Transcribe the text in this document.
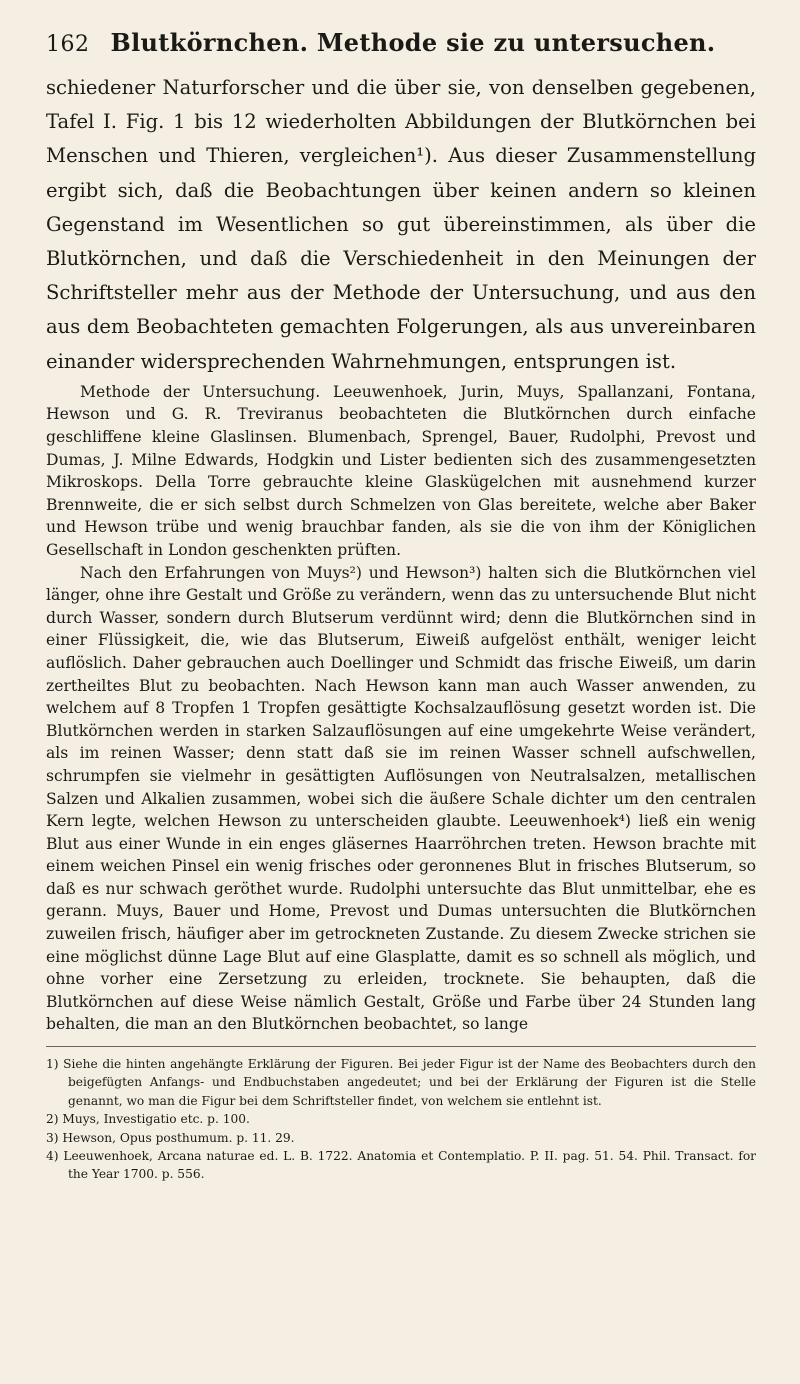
162 Blutkörnchen. Methode sie zu untersuchen.

schiedener Naturforscher und die über sie, von denselben gegebenen, Tafel I. Fig. 1 bis 12 wiederholten Abbildungen der Blutkörnchen bei Menschen und Thieren, vergleichen¹). Aus dieser Zusammenstellung ergibt sich, daß die Beobachtungen über keinen andern so kleinen Gegenstand im Wesentlichen so gut übereinstimmen, als über die Blutkörnchen, und daß die Verschiedenheit in den Meinungen der Schriftsteller mehr aus der Methode der Untersuchung, und aus den aus dem Beobachteten gemachten Folgerungen, als aus unvereinbaren einander widersprechenden Wahrnehmungen, entsprungen ist.

Methode der Untersuchung. Leeuwenhoek, Jurin, Muys, Spallanzani, Fontana, Hewson und G. R. Treviranus beobachteten die Blutkörnchen durch einfache geschliffene kleine Glaslinsen. Blumenbach, Sprengel, Bauer, Rudolphi, Prevost und Dumas, J. Milne Edwards, Hodgkin und Lister bedienten sich des zusammengesetzten Mikroskops. Della Torre gebrauchte kleine Glaskügelchen mit ausnehmend kurzer Brennweite, die er sich selbst durch Schmelzen von Glas bereitete, welche aber Baker und Hewson trübe und wenig brauchbar fanden, als sie die von ihm der Königlichen Gesellschaft in London geschenkten prüften.

Nach den Erfahrungen von Muys²) und Hewson³) halten sich die Blutkörnchen viel länger, ohne ihre Gestalt und Größe zu verändern, wenn das zu untersuchende Blut nicht durch Wasser, sondern durch Blutserum verdünnt wird; denn die Blutkörnchen sind in einer Flüssigkeit, die, wie das Blutserum, Eiweiß aufgelöst enthält, weniger leicht auflöslich. Daher gebrauchen auch Doellinger und Schmidt das frische Eiweiß, um darin zertheiltes Blut zu beobachten. Nach Hewson kann man auch Wasser anwenden, zu welchem auf 8 Tropfen 1 Tropfen gesättigte Kochsalzauflösung gesetzt worden ist. Die Blutkörnchen werden in starken Salzauflösungen auf eine umgekehrte Weise verändert, als im reinen Wasser; denn statt daß sie im reinen Wasser schnell aufschwellen, schrumpfen sie vielmehr in gesättigten Auflösungen von Neutralsalzen, metallischen Salzen und Alkalien zusammen, wobei sich die äußere Schale dichter um den centralen Kern legte, welchen Hewson zu unterscheiden glaubte. Leeuwenhoek⁴) ließ ein wenig Blut aus einer Wunde in ein enges gläsernes Haarröhrchen treten. Hewson brachte mit einem weichen Pinsel ein wenig frisches oder geronnenes Blut in frisches Blutserum, so daß es nur schwach geröthet wurde. Rudolphi untersuchte das Blut unmittelbar, ehe es gerann. Muys, Bauer und Home, Prevost und Dumas untersuchten die Blutkörnchen zuweilen frisch, häufiger aber im getrockneten Zustande. Zu diesem Zwecke strichen sie eine möglichst dünne Lage Blut auf eine Glasplatte, damit es so schnell als möglich, und ohne vorher eine Zersetzung zu erleiden, trocknete. Sie behaupten, daß die Blutkörnchen auf diese Weise nämlich Gestalt, Größe und Farbe über 24 Stunden lang behalten, die man an den Blutkörnchen beobachtet, so lange

1) Siehe die hinten angehängte Erklärung der Figuren. Bei jeder Figur ist der Name des Beobachters durch den beigefügten Anfangs- und Endbuchstaben angedeutet; und bei der Erklärung der Figuren ist die Stelle genannt, wo man die Figur bei dem Schriftsteller findet, von welchem sie entlehnt ist.

2) Muys, Investigatio etc. p. 100.

3) Hewson, Opus posthumum. p. 11. 29.

4) Leeuwenhoek, Arcana naturae ed. L. B. 1722. Anatomia et Contemplatio. P. II. pag. 51. 54. Phil. Transact. for the Year 1700. p. 556.
